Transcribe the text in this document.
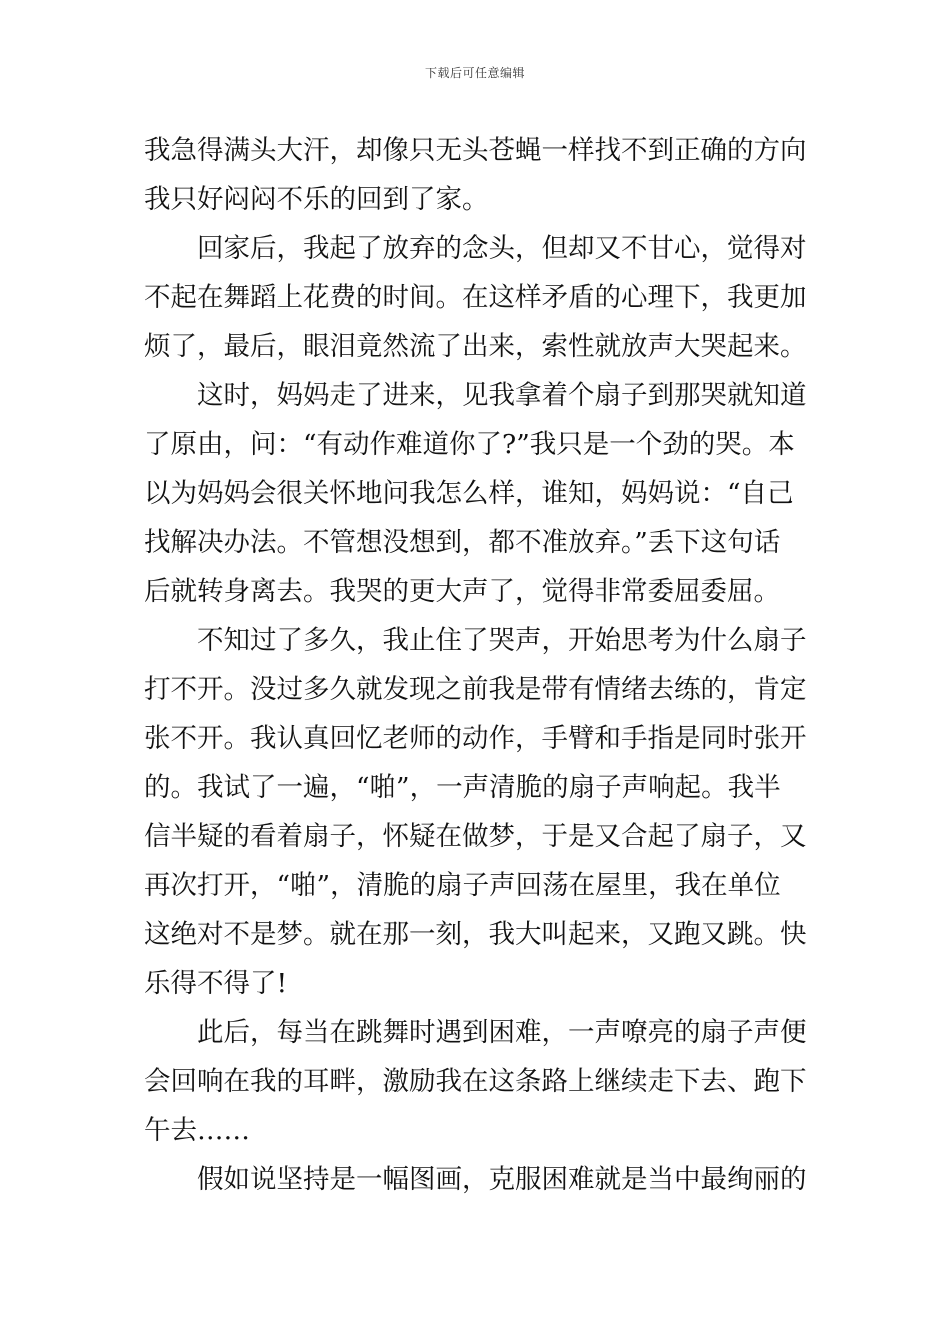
下载后可任意编辑
我急得满头大汗，却像只无头苍蝇一样找不到正确的方向
我只好闷闷不乐的回到了家。
回家后，我起了放弃的念头，但却又不甘心，觉得对
不起在舞蹈上花费的时间。在这样矛盾的心理下，我更加
烦了，最后，眼泪竟然流了出来，索性就放声大哭起来。
这时，妈妈走了进来，见我拿着个扇子到那哭就知道
了原由，问：“有动作难道你了?”我只是一个劲的哭。本
以为妈妈会很关怀地问我怎么样，谁知，妈妈说：“自己
找解决办法。不管想没想到，都不准放弃。”丢下这句话
后就转身离去。我哭的更大声了，觉得非常委屈委屈。
不知过了多久，我止住了哭声，开始思考为什么扇子
打不开。没过多久就发现之前我是带有情绪去练的，肯定
张不开。我认真回忆老师的动作，手臂和手指是同时张开
的。我试了一遍，“啪”，一声清脆的扇子声响起。我半
信半疑的看着扇子，怀疑在做梦，于是又合起了扇子，又
再次打开，“啪”，清脆的扇子声回荡在屋里，我在单位
这绝对不是梦。就在那一刻，我大叫起来，又跑又跳。快
乐得不得了!
此后，每当在跳舞时遇到困难，一声嘹亮的扇子声便
会回响在我的耳畔，激励我在这条路上继续走下去、跑下
午去……
假如说坚持是一幅图画，克服困难就是当中最绚丽的
